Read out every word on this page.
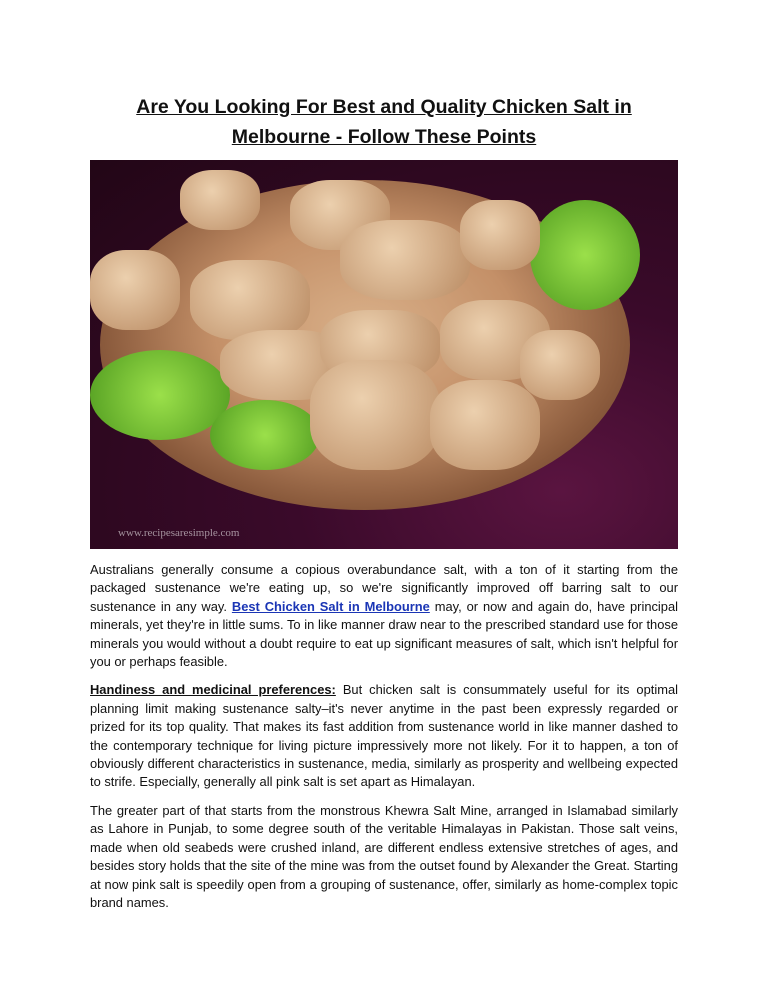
Are You Looking For Best and Quality Chicken Salt in
Melbourne - Follow These Points
www.recipesaresimple.com

Australians generally consume a copious overabundance salt, with a ton of it starting from the packaged sustenance we're eating up, so we're significantly improved off barring salt to our sustenance in any way. Best Chicken Salt in Melbourne may, or now and again do, have principal minerals, yet they're in little sums. To in like manner draw near to the prescribed standard use for those minerals you would without a doubt require to eat up significant measures of salt, which isn't helpful for you or perhaps feasible.

Handiness and medicinal preferences: But chicken salt is consummately useful for its optimal planning limit making sustenance salty–it's never anytime in the past been expressly regarded or prized for its top quality. That makes its fast addition from sustenance world in like manner dashed to the contemporary technique for living picture impressively more not likely. For it to happen, a ton of obviously different characteristics in sustenance, media, similarly as prosperity and wellbeing expected to strife. Especially, generally all pink salt is set apart as Himalayan.

The greater part of that starts from the monstrous Khewra Salt Mine, arranged in Islamabad similarly as Lahore in Punjab, to some degree south of the veritable Himalayas in Pakistan. Those salt veins, made when old seabeds were crushed inland, are different endless extensive stretches of ages, and besides story holds that the site of the mine was from the outset found by Alexander the Great. Starting at now pink salt is speedily open from a grouping of sustenance, offer, similarly as home-complex topic brand names.
